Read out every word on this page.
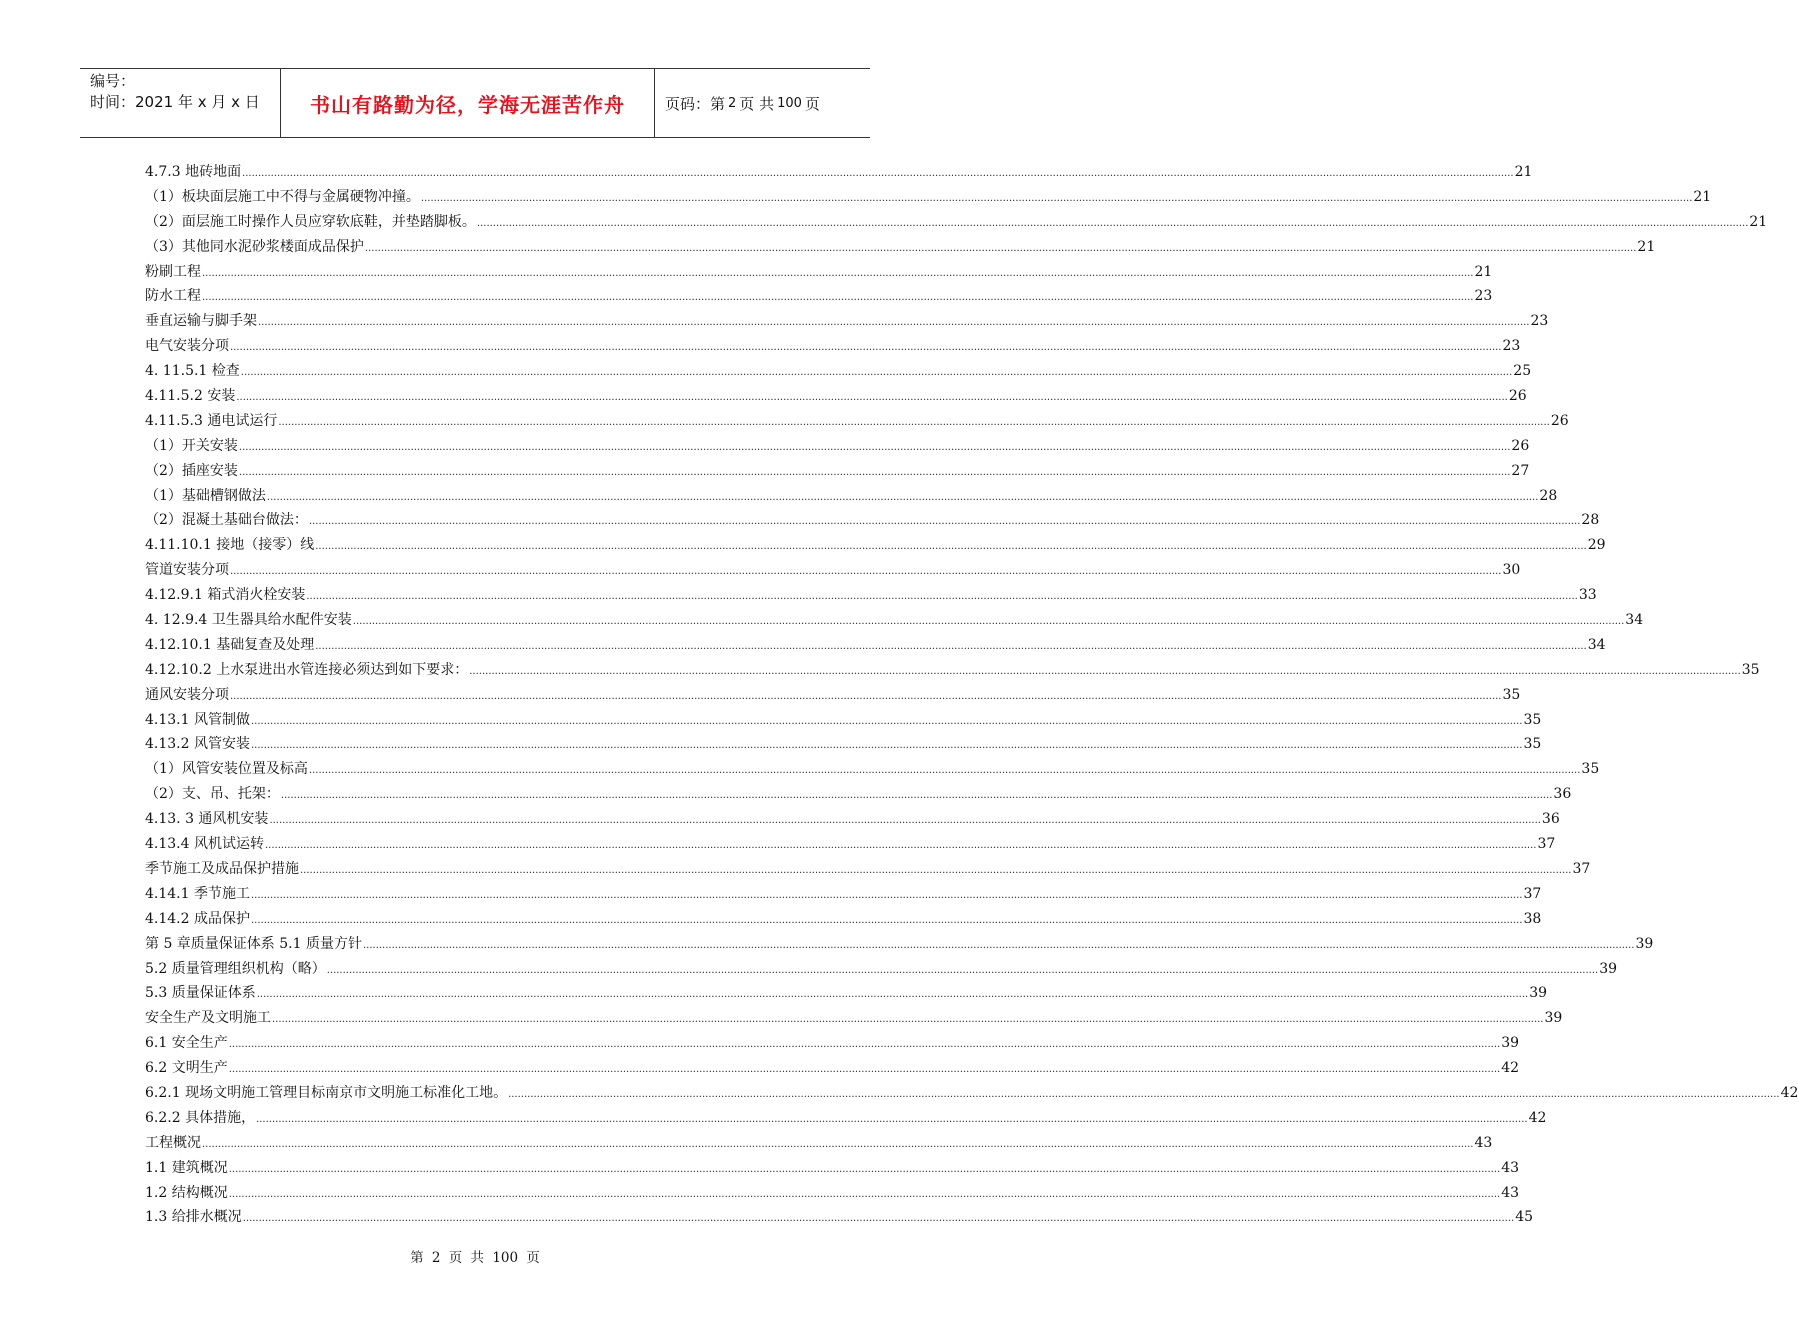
编号：
时间：2021 年 x 月 x 日	书山有路勤为径，学海无涯苦作舟	页码：第 2 页 共 100 页
4.7.3 地砖地面 ................................................................................................................................................................................................................................................................................................................................................................................................................ 21
（1）板块面层施工中不得与金属硬物冲撞。 ................................................................................................................................................................................................................................................................................................................................................................................................................ 21
（2）面层施工时操作人员应穿软底鞋，并垫踏脚板。 ................................................................................................................................................................................................................................................................................................................................................................................................................ 21
（3）其他同水泥砂浆楼面成品保护 ................................................................................................................................................................................................................................................................................................................................................................................................................ 21
粉刷工程 ................................................................................................................................................................................................................................................................................................................................................................................................................ 21
防水工程 ................................................................................................................................................................................................................................................................................................................................................................................................................ 23
垂直运输与脚手架 ................................................................................................................................................................................................................................................................................................................................................................................................................ 23
电气安装分项 ................................................................................................................................................................................................................................................................................................................................................................................................................ 23
4. 11.5.1 检查 ................................................................................................................................................................................................................................................................................................................................................................................................................ 25
4.11.5.2 安装 ................................................................................................................................................................................................................................................................................................................................................................................................................ 26
4.11.5.3 通电试运行 ................................................................................................................................................................................................................................................................................................................................................................................................................ 26
（1）开关安装 ................................................................................................................................................................................................................................................................................................................................................................................................................ 26
（2）插座安装 ................................................................................................................................................................................................................................................................................................................................................................................................................ 27
（1）基础槽钢做法 ................................................................................................................................................................................................................................................................................................................................................................................................................ 28
（2）混凝土基础台做法： ................................................................................................................................................................................................................................................................................................................................................................................................................ 28
4.11.10.1 接地（接零）线 ................................................................................................................................................................................................................................................................................................................................................................................................................ 29
管道安装分项 ................................................................................................................................................................................................................................................................................................................................................................................................................ 30
4.12.9.1 箱式消火栓安装 ................................................................................................................................................................................................................................................................................................................................................................................................................ 33
4. 12.9.4 卫生器具给水配件安装 ................................................................................................................................................................................................................................................................................................................................................................................................................ 34
4.12.10.1 基础复查及处理 ................................................................................................................................................................................................................................................................................................................................................................................................................ 34
4.12.10.2 上水泵进出水管连接必须达到如下要求： ................................................................................................................................................................................................................................................................................................................................................................................................................ 35
通风安装分项 ................................................................................................................................................................................................................................................................................................................................................................................................................ 35
4.13.1 风管制做 ................................................................................................................................................................................................................................................................................................................................................................................................................ 35
4.13.2 风管安装 ................................................................................................................................................................................................................................................................................................................................................................................................................ 35
（1）风管安装位置及标高 ................................................................................................................................................................................................................................................................................................................................................................................................................ 35
（2）支、吊、托架： ................................................................................................................................................................................................................................................................................................................................................................................................................ 36
4.13. 3 通风机安装 ................................................................................................................................................................................................................................................................................................................................................................................................................ 36
4.13.4 风机试运转 ................................................................................................................................................................................................................................................................................................................................................................................................................ 37
季节施工及成品保护措施 ................................................................................................................................................................................................................................................................................................................................................................................................................ 37
4.14.1 季节施工 ................................................................................................................................................................................................................................................................................................................................................................................................................ 37
4.14.2 成品保护 ................................................................................................................................................................................................................................................................................................................................................................................................................ 38
第 5 章质量保证体系 5.1 质量方针 ................................................................................................................................................................................................................................................................................................................................................................................................................ 39
5.2 质量管理组织机构（略） ................................................................................................................................................................................................................................................................................................................................................................................................................ 39
5.3 质量保证体系 ................................................................................................................................................................................................................................................................................................................................................................................................................ 39
安全生产及文明施工 ................................................................................................................................................................................................................................................................................................................................................................................................................ 39
6.1 安全生产 ................................................................................................................................................................................................................................................................................................................................................................................................................ 39
6.2 文明生产 ................................................................................................................................................................................................................................................................................................................................................................................................................ 42
6.2.1 现场文明施工管理目标南京市文明施工标准化工地。 ................................................................................................................................................................................................................................................................................................................................................................................................................ 42
6.2.2 具体措施， ................................................................................................................................................................................................................................................................................................................................................................................................................ 42
工程概况 ................................................................................................................................................................................................................................................................................................................................................................................................................ 43
1.1 建筑概况 ................................................................................................................................................................................................................................................................................................................................................................................................................ 43
1.2 结构概况 ................................................................................................................................................................................................................................................................................................................................................................................................................ 43
1.3 给排水概况 ................................................................................................................................................................................................................................................................................................................................................................................................................ 45
第 2 页 共 100 页
